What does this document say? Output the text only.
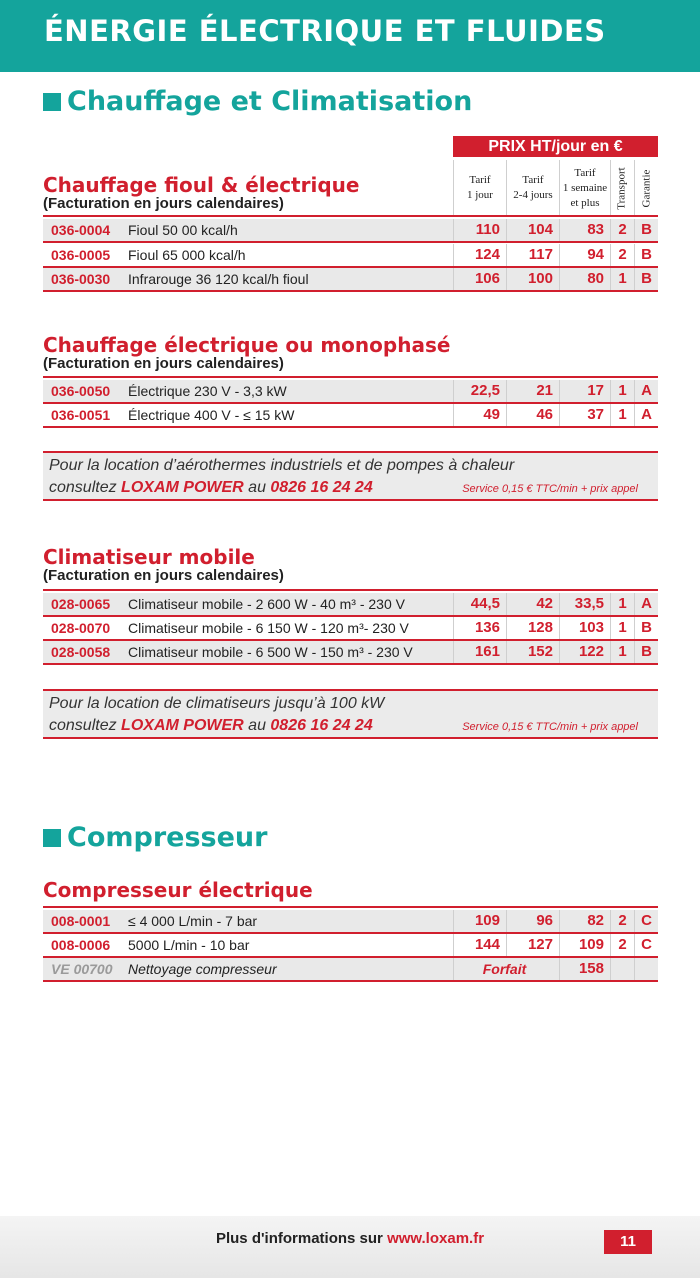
ÉNERGIE ÉLECTRIQUE ET FLUIDES
Chauffage et Climatisation
PRIX HT/jour en €
Tarif
1 jour
Tarif
2-4 jours
Tarif
1 semaine
et plus	Transport Garantie
Chauffage fioul & électrique
(Facturation en jours calendaires)
036-0004 Fioul 50 00 kcal/h	110	104	83 2 B
036-0005 Fioul 65 000 kcal/h	124	117	94 2 B
036-0030 Infrarouge 36 120 kcal/h fioul	106	100	80 1 B
Chauffage électrique ou monophasé
(Facturation en jours calendaires)
036-0050 Électrique 230 V - 3,3 kW	22,5	21	17 1 A
036-0051 Électrique 400 V - ≤ 15 kW	49	46	37 1 A
Pour la location d’aérothermes industriels et de pompes à chaleur
consultez LOXAM POWER au 0826 16 24 24	Service 0,15 € TTC/min + prix appel
Climatiseur mobile
(Facturation en jours calendaires)
028-0065 Climatiseur mobile - 2 600 W - 40 m³ - 230 V	44,5	42	33,5 1 A
028-0070 Climatiseur mobile - 6 150 W - 120 m³- 230 V	136	128	103 1 B
028-0058 Climatiseur mobile - 6 500 W - 150 m³ - 230 V	161	152	122 1 B
Pour la location de climatiseurs jusqu’à 100 kW
consultez LOXAM POWER au 0826 16 24 24	Service 0,15 € TTC/min + prix appel
Compresseur
Compresseur électrique
008-0001 ≤ 4 000 L/min - 7 bar	109	96	82 2 C
008-0006 5000 L/min - 10 bar	144	127	109 2 C
VE 00700 Nettoyage compresseur	Forfait	158

Plus d'informations sur www.loxam.fr	11
